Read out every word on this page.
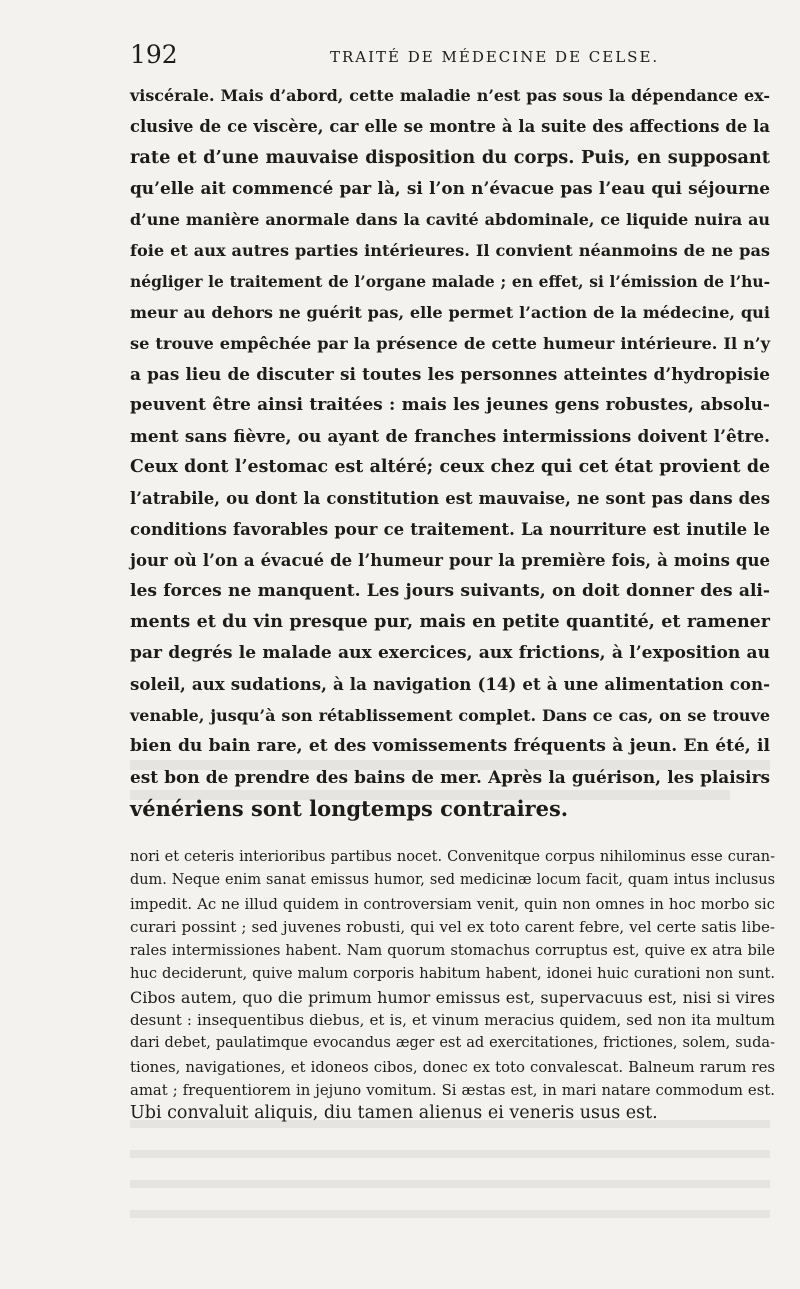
192	TRAITÉ DE MÉDECINE DE CELSE.

viscérale. Mais d’abord, cette maladie n’est pas sous la dépendance ex-
clusive de ce viscère, car elle se montre à la suite des affections de la
rate et d’une mauvaise disposition du corps. Puis, en supposant
qu’elle ait commencé par là, si l’on n’évacue pas l’eau qui séjourne
d’une manière anormale dans la cavité abdominale, ce liquide nuira au
foie et aux autres parties intérieures. Il convient néanmoins de ne pas
négliger le traitement de l’organe malade ; en effet, si l’émission de l’hu-
meur au dehors ne guérit pas, elle permet l’action de la médecine, qui
se trouve empêchée par la présence de cette humeur intérieure. Il n’y
a pas lieu de discuter si toutes les personnes atteintes d’hydropisie
peuvent être ainsi traitées : mais les jeunes gens robustes, absolu-
ment sans fièvre, ou ayant de franches intermissions doivent l’être.
Ceux dont l’estomac est altéré; ceux chez qui cet état provient de
l’atrabile, ou dont la constitution est mauvaise, ne sont pas dans des
conditions favorables pour ce traitement. La nourriture est inutile le
jour où l’on a évacué de l’humeur pour la première fois, à moins que
les forces ne manquent. Les jours suivants, on doit donner des ali-
ments et du vin presque pur, mais en petite quantité, et ramener
par degrés le malade aux exercices, aux frictions, à l’exposition au
soleil, aux sudations, à la navigation (14) et à une alimentation con-
venable, jusqu’à son rétablissement complet. Dans ce cas, on se trouve
bien du bain rare, et des vomissements fréquents à jeun. En été, il
est bon de prendre des bains de mer. Après la guérison, les plaisirs
vénériens sont longtemps contraires.

nori et ceteris interioribus partibus nocet. Convenitque corpus nihilominus esse curan-
dum. Neque enim sanat emissus humor, sed medicinæ locum facit, quam intus inclusus
impedit. Ac ne illud quidem in controversiam venit, quin non omnes in hoc morbo sic
curari possint ; sed juvenes robusti, qui vel ex toto carent febre, vel certe satis libe-
rales intermissiones habent. Nam quorum stomachus corruptus est, quive ex atra bile
huc deciderunt, quive malum corporis habitum habent, idonei huic curationi non sunt.
Cibos autem, quo die primum humor emissus est, supervacuus est, nisi si vires
desunt : insequentibus diebus, et is, et vinum meracius quidem, sed non ita multum
dari debet, paulatimque evocandus æger est ad exercitationes, frictiones, solem, suda-
tiones, navigationes, et idoneos cibos, donec ex toto convalescat. Balneum rarum res
amat ; frequentiorem in jejuno vomitum. Si æstas est, in mari natare commodum est.
Ubi convaluit aliquis, diu tamen alienus ei veneris usus est.
